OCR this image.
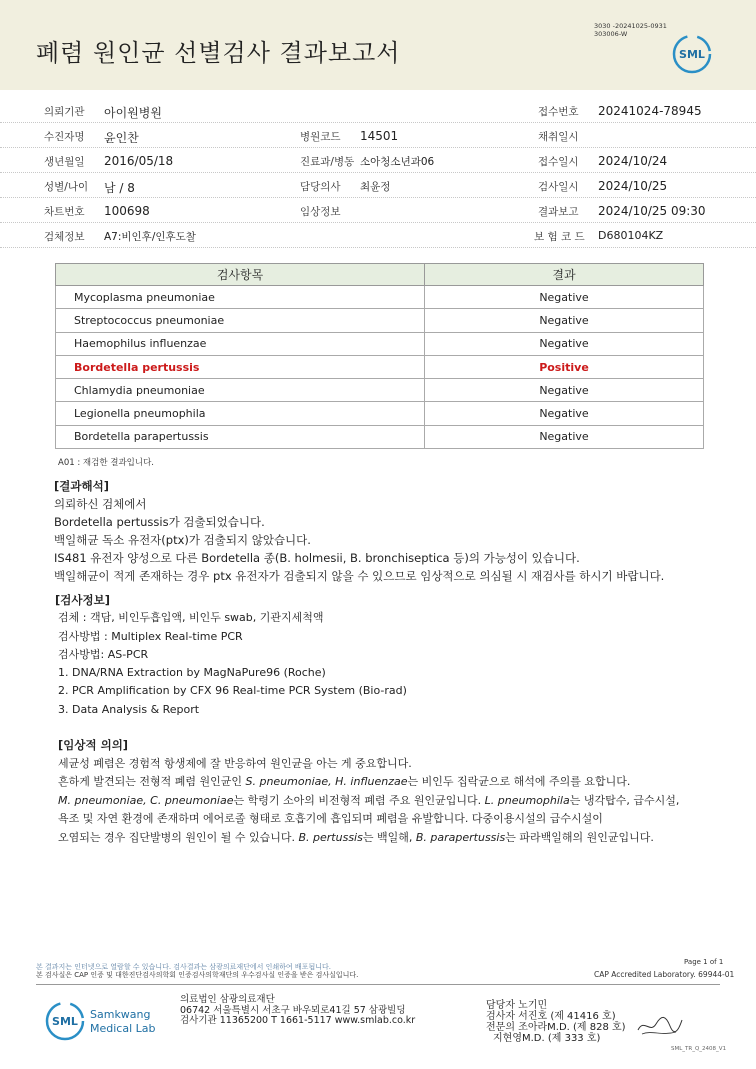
폐렴 원인균 선별검사 결과보고서
3030 -20241025-0931
303006-W
SML
의뢰기관 아이원병원	접수번호 20241024-78945
수진자명 윤인찬	병원코드 14501	채취일시
생년월일 2016/05/18	진료과/병동 소아청소년과06	접수일시 2024/10/24
성별/나이 남 / 8	담당의사 최윤정	검사일시 2024/10/25
차트번호 100698	임상정보	결과보고 2024/10/25 09:30
검체정보 A7:비인후/인후도찰	보 험 코 드 D680104KZ
검사항목	결과
Mycoplasma pneumoniae	Negative
Streptococcus pneumoniae	Negative
Haemophilus influenzae	Negative
Bordetella pertussis	Positive
Chlamydia pneumoniae	Negative
Legionella pneumophila	Negative
Bordetella parapertussis	Negative
A01 : 재검한 결과입니다.

[결과해석]

의뢰하신 검체에서

Bordetella pertussis가 검출되었습니다.

백일해균 독소 유전자(ptx)가 검출되지 않았습니다.

IS481 유전자 양성으로 다른 Bordetella 종(B. holmesii, B. bronchiseptica 등)의 가능성이 있습니다.

백일해균이 적게 존재하는 경우 ptx 유전자가 검출되지 않을 수 있으므로 임상적으로 의심될 시 재검사를 하시기 바랍니다.

[검사정보]

검체 : 객담, 비인두흡입액, 비인두 swab, 기관지세척액

검사방법 : Multiplex Real-time PCR

검사방법: AS-PCR

1. DNA/RNA Extraction by MagNaPure96 (Roche)

2. PCR Amplification by CFX 96 Real-time PCR System (Bio-rad)

3. Data Analysis & Report

[임상적 의의]

세균성 폐렴은 경험적 항생제에 잘 반응하여 원인균을 아는 게 중요합니다.

흔하게 발견되는 전형적 폐렴 원인균인 S. pneumoniae, H. influenzae는 비인두 집락균으로 해석에 주의를 요합니다.

M. pneumoniae, C. pneumoniae는 학령기 소아의 비전형적 폐렴 주요 원인균입니다. L. pneumophila는 냉각탑수, 급수시설,

욕조 및 자연 환경에 존재하며 에어로졸 형태로 호흡기에 흡입되며 폐렴을 유발합니다. 다중이용시설의 급수시설이

오염되는 경우 집단발병의 원인이 될 수 있습니다. B. pertussis는 백일해, B. parapertussis는 파라백일해의 원인균입니다.

Page 1 of 1
본 결과지는 인터넷으로 열람할 수 있습니다. 검사결과는 삼광의료재단에서 인쇄하여 배포됩니다.
본 검사실은 CAP 인증 및 대한진단검사의학회 인증검사의학재단의 우수검사실 인증을 받은 검사실입니다.	CAP Accredited Laboratory. 69944-01
SML
Samkwang
Medical Lab
의료법인 삼광의료재단
06742 서울특별시 서초구 바우뫼로41길 57 삼광빌딩
검사기관 11365200 T 1661-5117 www.smlab.co.kr
담당자 노기민
검사자 서진호 (제 41416 호)
전문의 조아라M.D. (제 828 호)
지현영M.D. (제 333 호)
SML_TR_Q_2408_V1
